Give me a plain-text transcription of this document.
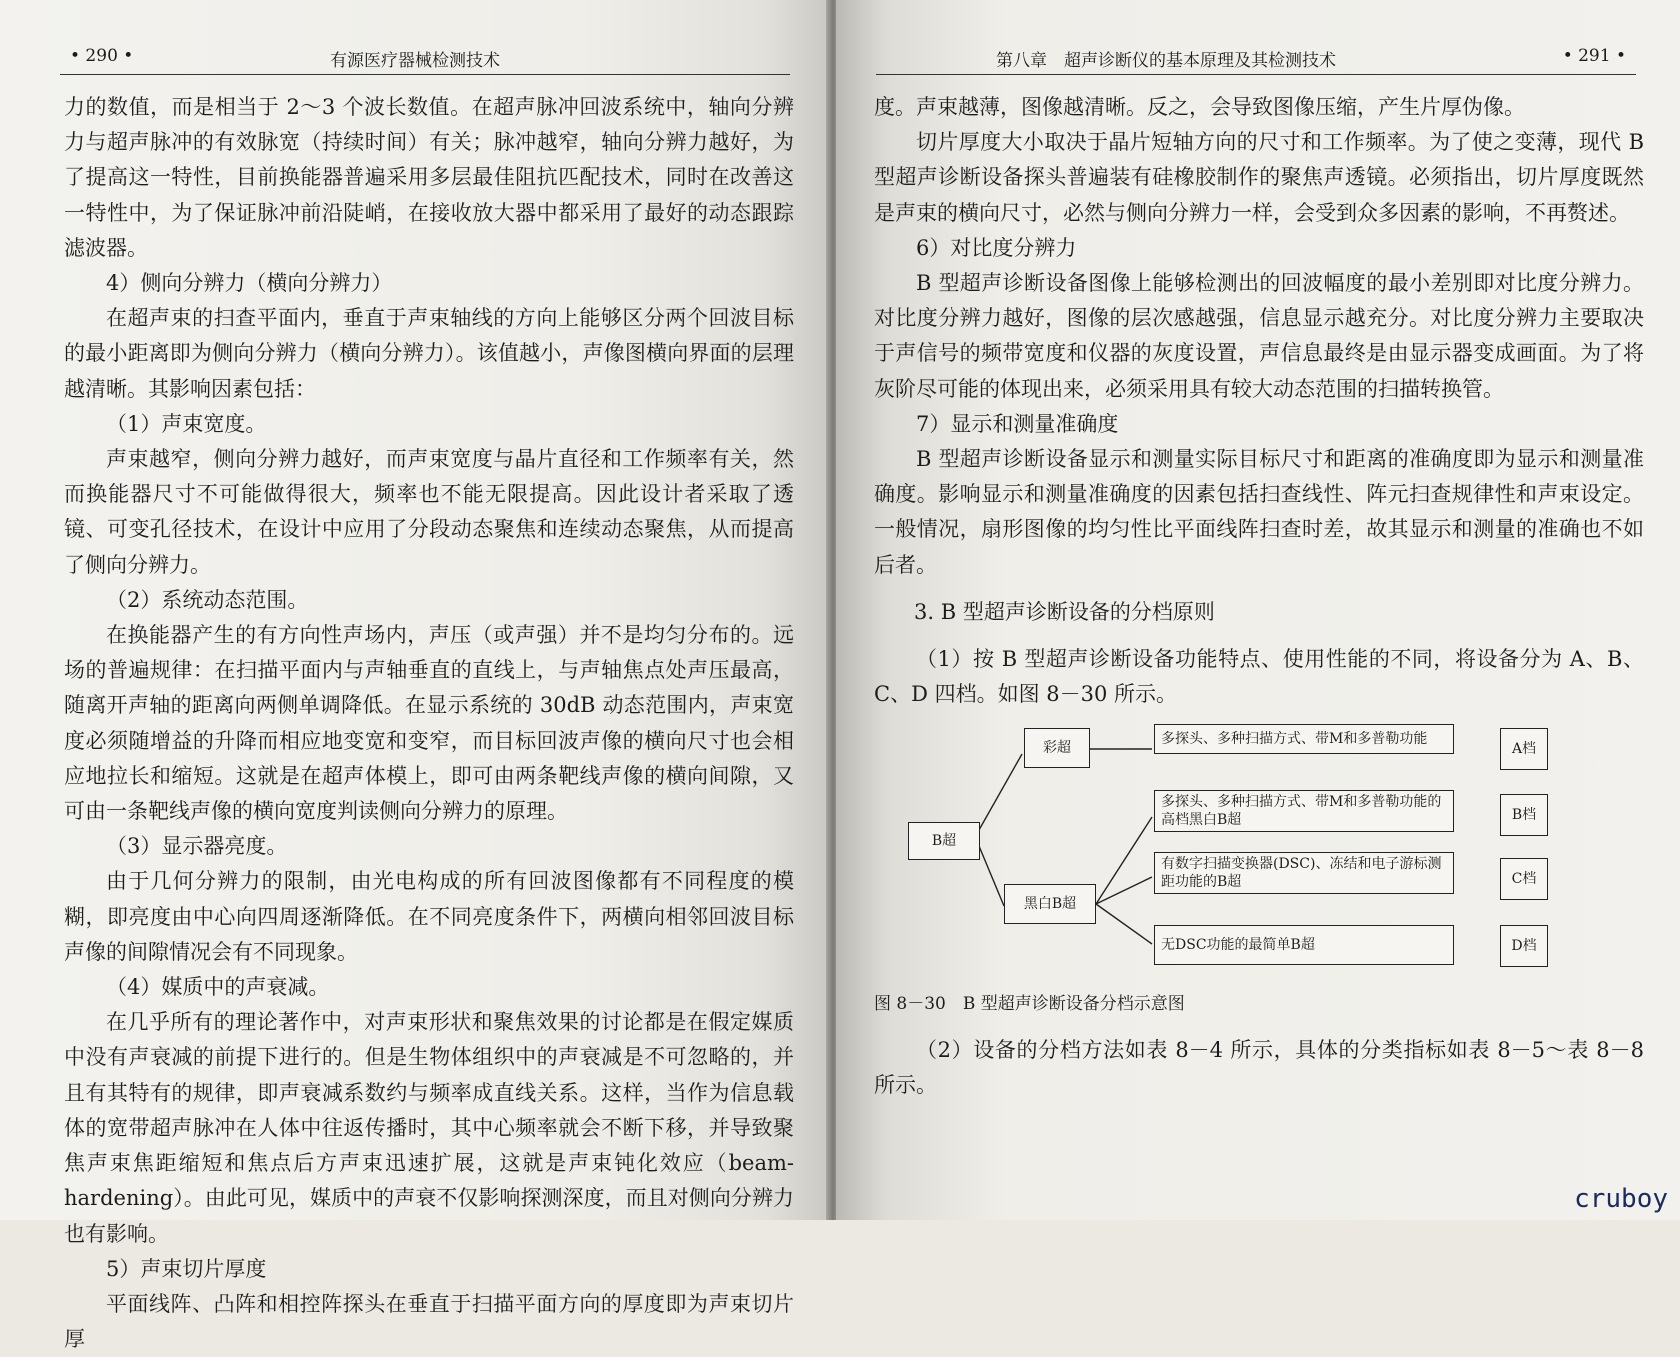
• 290 •	有源医疗器械检测技术

力的数值，而是相当于 2～3 个波长数值。在超声脉冲回波系统中，轴向分辨力与超声脉冲的有效脉宽（持续时间）有关；脉冲越窄，轴向分辨力越好，为了提高这一特性，目前换能器普遍采用多层最佳阻抗匹配技术，同时在改善这一特性中，为了保证脉冲前沿陡峭，在接收放大器中都采用了最好的动态跟踪滤波器。

4）侧向分辨力（横向分辨力）

在超声束的扫查平面内，垂直于声束轴线的方向上能够区分两个回波目标的最小距离即为侧向分辨力（横向分辨力）。该值越小，声像图横向界面的层理越清晰。其影响因素包括：

（1）声束宽度。

声束越窄，侧向分辨力越好，而声束宽度与晶片直径和工作频率有关，然而换能器尺寸不可能做得很大，频率也不能无限提高。因此设计者采取了透镜、可变孔径技术，在设计中应用了分段动态聚焦和连续动态聚焦，从而提高了侧向分辨力。

（2）系统动态范围。

在换能器产生的有方向性声场内，声压（或声强）并不是均匀分布的。远场的普遍规律：在扫描平面内与声轴垂直的直线上，与声轴焦点处声压最高，随离开声轴的距离向两侧单调降低。在显示系统的 30dB 动态范围内，声束宽度必须随增益的升降而相应地变宽和变窄，而目标回波声像的横向尺寸也会相应地拉长和缩短。这就是在超声体模上，即可由两条靶线声像的横向间隙，又可由一条靶线声像的横向宽度判读侧向分辨力的原理。

（3）显示器亮度。

由于几何分辨力的限制，由光电构成的所有回波图像都有不同程度的模糊，即亮度由中心向四周逐渐降低。在不同亮度条件下，两横向相邻回波目标声像的间隙情况会有不同现象。

（4）媒质中的声衰减。

在几乎所有的理论著作中，对声束形状和聚焦效果的讨论都是在假定媒质中没有声衰减的前提下进行的。但是生物体组织中的声衰减是不可忽略的，并且有其特有的规律，即声衰减系数约与频率成直线关系。这样，当作为信息载体的宽带超声脉冲在人体中往返传播时，其中心频率就会不断下移，并导致聚焦声束焦距缩短和焦点后方声束迅速扩展，这就是声束钝化效应（beam-hardening）。由此可见，媒质中的声衰不仅影响探测深度，而且对侧向分辨力也有影响。

5）声束切片厚度

平面线阵、凸阵和相控阵探头在垂直于扫描平面方向的厚度即为声束切片厚

第八章　超声诊断仪的基本原理及其检测技术	• 291 •

度。声束越薄，图像越清晰。反之，会导致图像压缩，产生片厚伪像。

切片厚度大小取决于晶片短轴方向的尺寸和工作频率。为了使之变薄，现代 B 型超声诊断设备探头普遍装有硅橡胶制作的聚焦声透镜。必须指出，切片厚度既然是声束的横向尺寸，必然与侧向分辨力一样，会受到众多因素的影响，不再赘述。

6）对比度分辨力

B 型超声诊断设备图像上能够检测出的回波幅度的最小差别即对比度分辨力。对比度分辨力越好，图像的层次感越强，信息显示越充分。对比度分辨力主要取决于声信号的频带宽度和仪器的灰度设置，声信息最终是由显示器变成画面。为了将灰阶尽可能的体现出来，必须采用具有较大动态范围的扫描转换管。

7）显示和测量准确度

B 型超声诊断设备显示和测量实际目标尺寸和距离的准确度即为显示和测量准确度。影响显示和测量准确度的因素包括扫查线性、阵元扫查规律性和声束设定。一般情况，扇形图像的均匀性比平面线阵扫查时差，故其显示和测量的准确也不如后者。

3. B 型超声诊断设备的分档原则

（1）按 B 型超声诊断设备功能特点、使用性能的不同，将设备分为 A、B、C、D 四档。如图 8－30 所示。

彩超
B超
黑白B超
多探头、多种扫描方式、带M和多普勒功能
多探头、多种扫描方式、带M和多普勒功能的高档黑白B超
有数字扫描变换器(DSC)、冻结和电子游标测距功能的B超
无DSC功能的最简单B超
A档
B档
C档
D档

图 8－30　B 型超声诊断设备分档示意图

（2）设备的分档方法如表 8－4 所示，具体的分类指标如表 8－5～表 8－8 所示。

cruboy
